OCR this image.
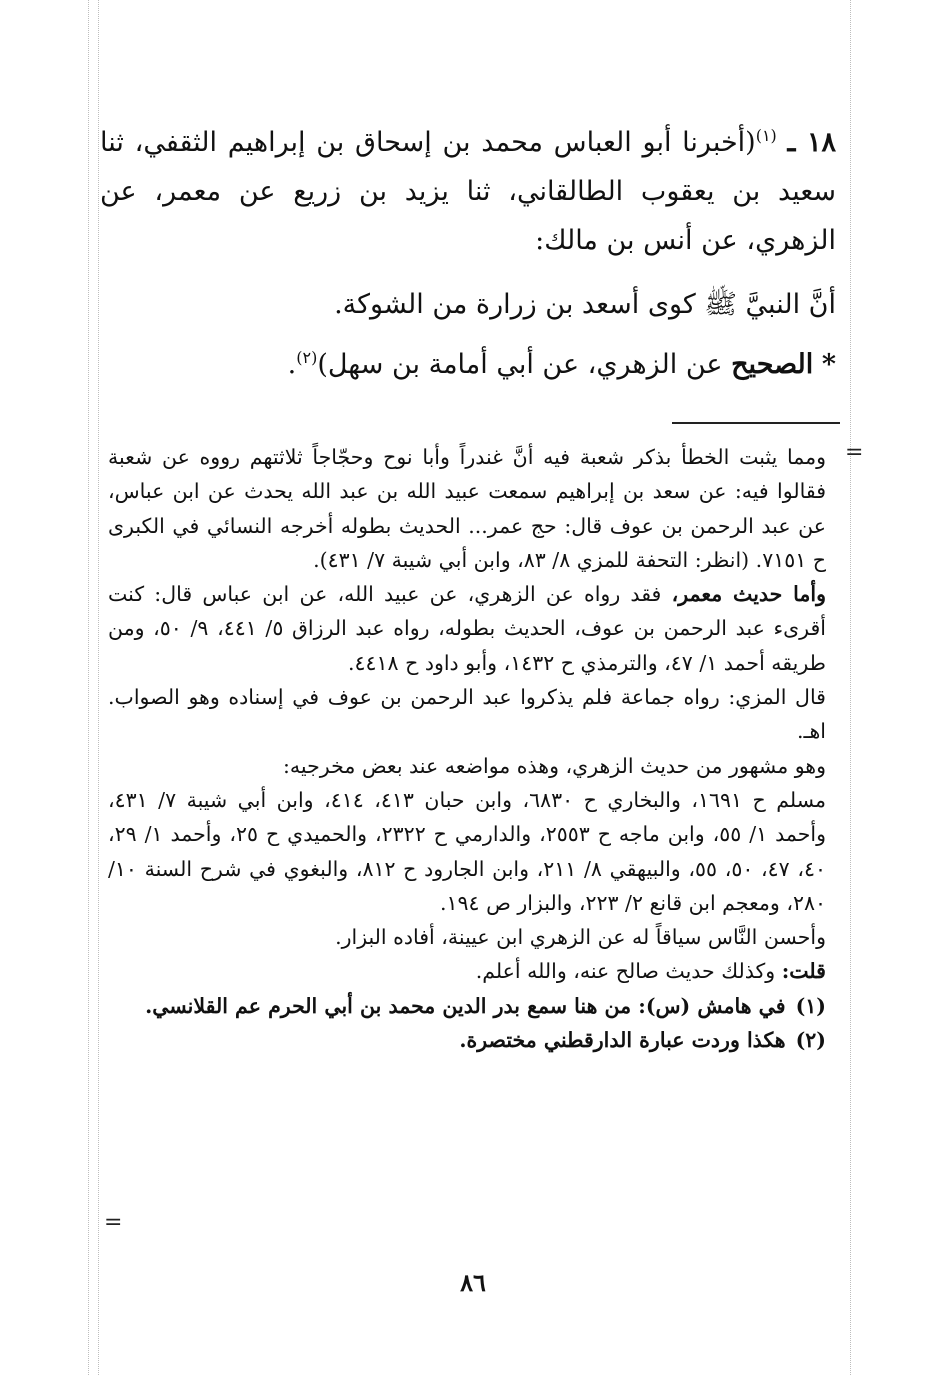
١٨ ـ $^{(١)}$(أخبرنا أبو العباس محمد بن إسحاق بن إبراهيم الثقفي، ثنا سعيد بن يعقوب الطالقاني، ثنا يزيد بن زريع عن معمر، عن الزهري، عن أنس بن مالك:

أنَّ النبيَّ ﷺ كوى أسعد بن زرارة من الشوكة.

* الصحيح عن الزهري، عن أبي أمامة بن سهل)$^{(٢)}$.

=

ومما يثبت الخطأ بذكر شعبة فيه أنَّ غندراً وأبا نوح وحجّاجاً ثلاثتهم رووه عن شعبة فقالوا فيه: عن سعد بن إبراهيم سمعت عبيد الله بن عبد الله يحدث عن ابن عباس، عن عبد الرحمن بن عوف قال: حج عمر... الحديث بطوله أخرجه النسائي في الكبرى ح ٧١٥١. (انظر: التحفة للمزي ٨/ ٨٣، وابن أبي شيبة ٧/ ٤٣١).

وأما حديث معمر، فقد رواه عن الزهري، عن عبيد الله، عن ابن عباس قال: كنت أقرىء عبد الرحمن بن عوف، الحديث بطوله، رواه عبد الرزاق ٥/ ٤٤١، ٩/ ٥٠، ومن طريقه أحمد ١/ ٤٧، والترمذي ح ١٤٣٢، وأبو داود ح ٤٤١٨.

قال المزي: رواه جماعة فلم يذكروا عبد الرحمن بن عوف في إسناده وهو الصواب. اهـ.

وهو مشهور من حديث الزهري، وهذه مواضعه عند بعض مخرجيه:

مسلم ح ١٦٩١، والبخاري ح ٦٨٣٠، وابن حبان ٤١٣، ٤١٤، وابن أبي شيبة ٧/ ٤٣١، وأحمد ١/ ٥٥، وابن ماجه ح ٢٥٥٣، والدارمي ح ٢٣٢٢، والحميدي ح ٢٥، وأحمد ١/ ٢٩، ٤٠، ٤٧، ٥٠، ٥٥، والبيهقي ٨/ ٢١١، وابن الجارود ح ٨١٢، والبغوي في شرح السنة ١٠/ ٢٨٠، ومعجم ابن قانع ٢/ ٢٢٣، والبزار ص ١٩٤.

وأحسن النَّاس سياقاً له عن الزهري ابن عيينة، أفاده البزار.

قلت: وكذلك حديث صالح عنه، والله أعلم.

(١)في هامش (س): من هنا سمع بدر الدين محمد بن أبي الحرم عم القلانسي.

(٢)هكذا وردت عبارة الدارقطني مختصرة.

=
٨٦
